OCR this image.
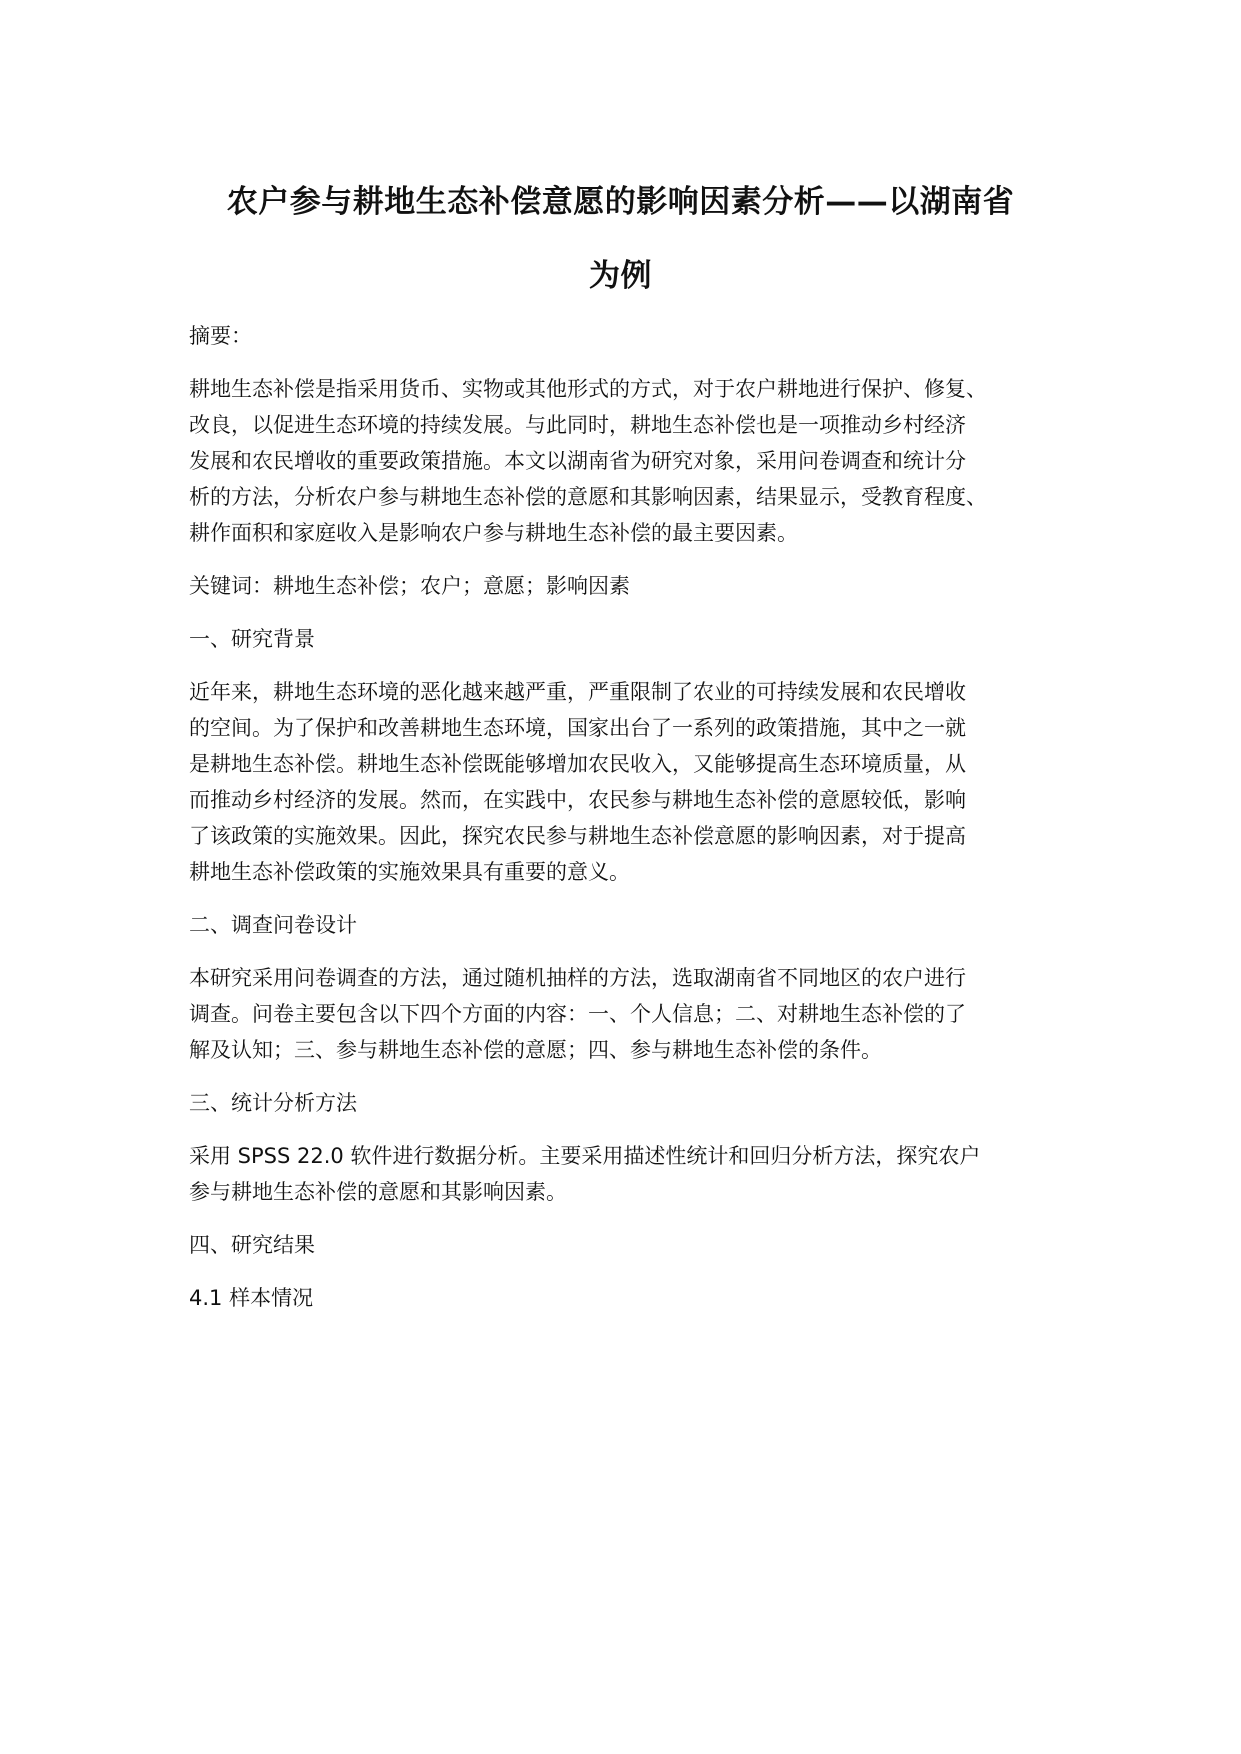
农户参与耕地生态补偿意愿的影响因素分析——以湖南省
为例
摘要：
耕地生态补偿是指采用货币、实物或其他形式的方式，对于农户耕地进行保护、修复、
改良，以促进生态环境的持续发展。与此同时，耕地生态补偿也是一项推动乡村经济
发展和农民增收的重要政策措施。本文以湖南省为研究对象，采用问卷调查和统计分
析的方法，分析农户参与耕地生态补偿的意愿和其影响因素，结果显示，受教育程度、
耕作面积和家庭收入是影响农户参与耕地生态补偿的最主要因素。
关键词：耕地生态补偿；农户；意愿；影响因素
一、研究背景
近年来，耕地生态环境的恶化越来越严重，严重限制了农业的可持续发展和农民增收
的空间。为了保护和改善耕地生态环境，国家出台了一系列的政策措施，其中之一就
是耕地生态补偿。耕地生态补偿既能够增加农民收入，又能够提高生态环境质量，从
而推动乡村经济的发展。然而，在实践中，农民参与耕地生态补偿的意愿较低，影响
了该政策的实施效果。因此，探究农民参与耕地生态补偿意愿的影响因素，对于提高
耕地生态补偿政策的实施效果具有重要的意义。
二、调查问卷设计
本研究采用问卷调查的方法，通过随机抽样的方法，选取湖南省不同地区的农户进行
调查。问卷主要包含以下四个方面的内容：一、个人信息；二、对耕地生态补偿的了
解及认知；三、参与耕地生态补偿的意愿；四、参与耕地生态补偿的条件。
三、统计分析方法
采用 SPSS 22.0 软件进行数据分析。主要采用描述性统计和回归分析方法，探究农户
参与耕地生态补偿的意愿和其影响因素。
四、研究结果
4.1 样本情况
